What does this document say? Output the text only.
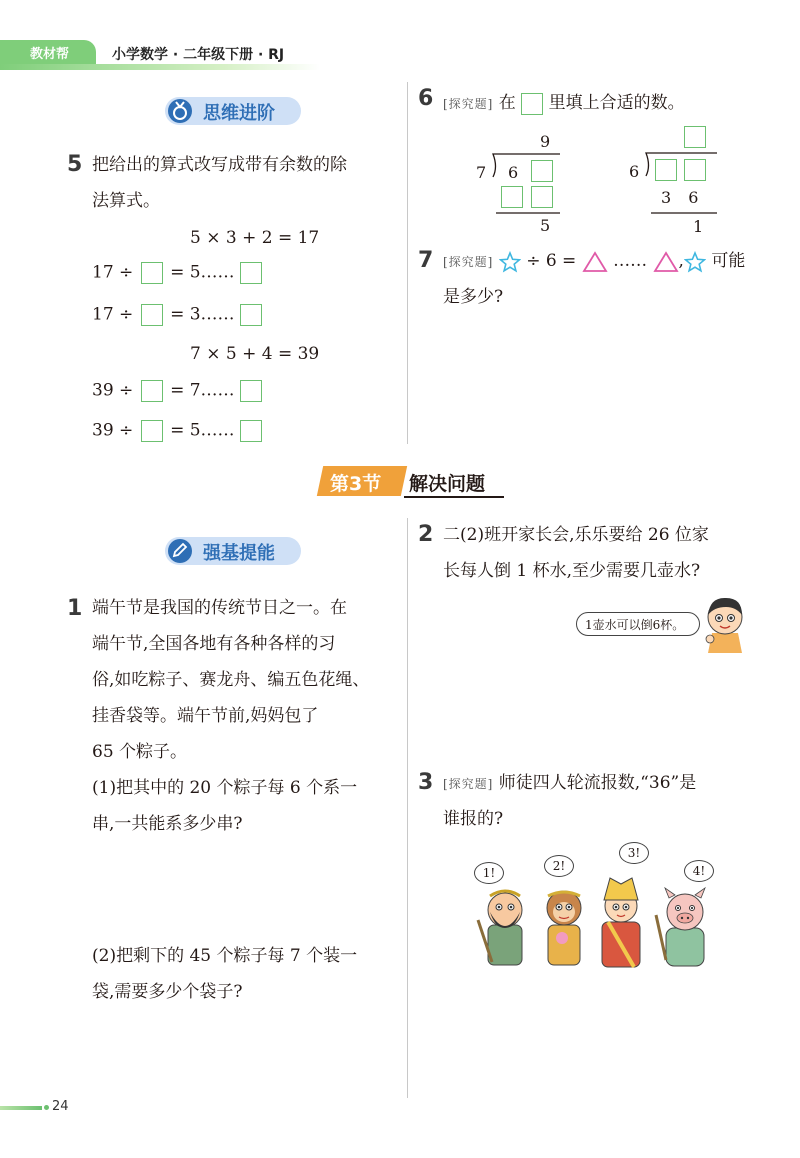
教材帮	小学数学 · 二年级下册 · RJ
思维进阶
5 把给出的算式改写成带有余数的除
法算式。
5 × 3 + 2 = 17
17 ÷ = 5……
17 ÷ = 3……
7 × 5 + 4 = 39
39 ÷ = 7……
39 ÷ = 5……
6 [探究题] 在 里填上合适的数。
9
7 6
5
6
3 6
1
7 [探究题] ÷ 6 = …… , 可能
是多少?
第3节 解决问题
强基提能
1 端午节是我国的传统节日之一。在
端午节,全国各地有各种各样的习
俗,如吃粽子、赛龙舟、编五色花绳、
挂香袋等。端午节前,妈妈包了
65 个粽子。
(1)把其中的 20 个粽子每 6 个系一
串,一共能系多少串?
(2)把剩下的 45 个粽子每 7 个装一
袋,需要多少个袋子?
2 二(2)班开家长会,乐乐要给 26 位家
长每人倒 1 杯水,至少需要几壶水?
1壶水可以倒6杯。
3 [探究题] 师徒四人轮流报数,“36”是
谁报的?
1!	2!
3!
4!
24
